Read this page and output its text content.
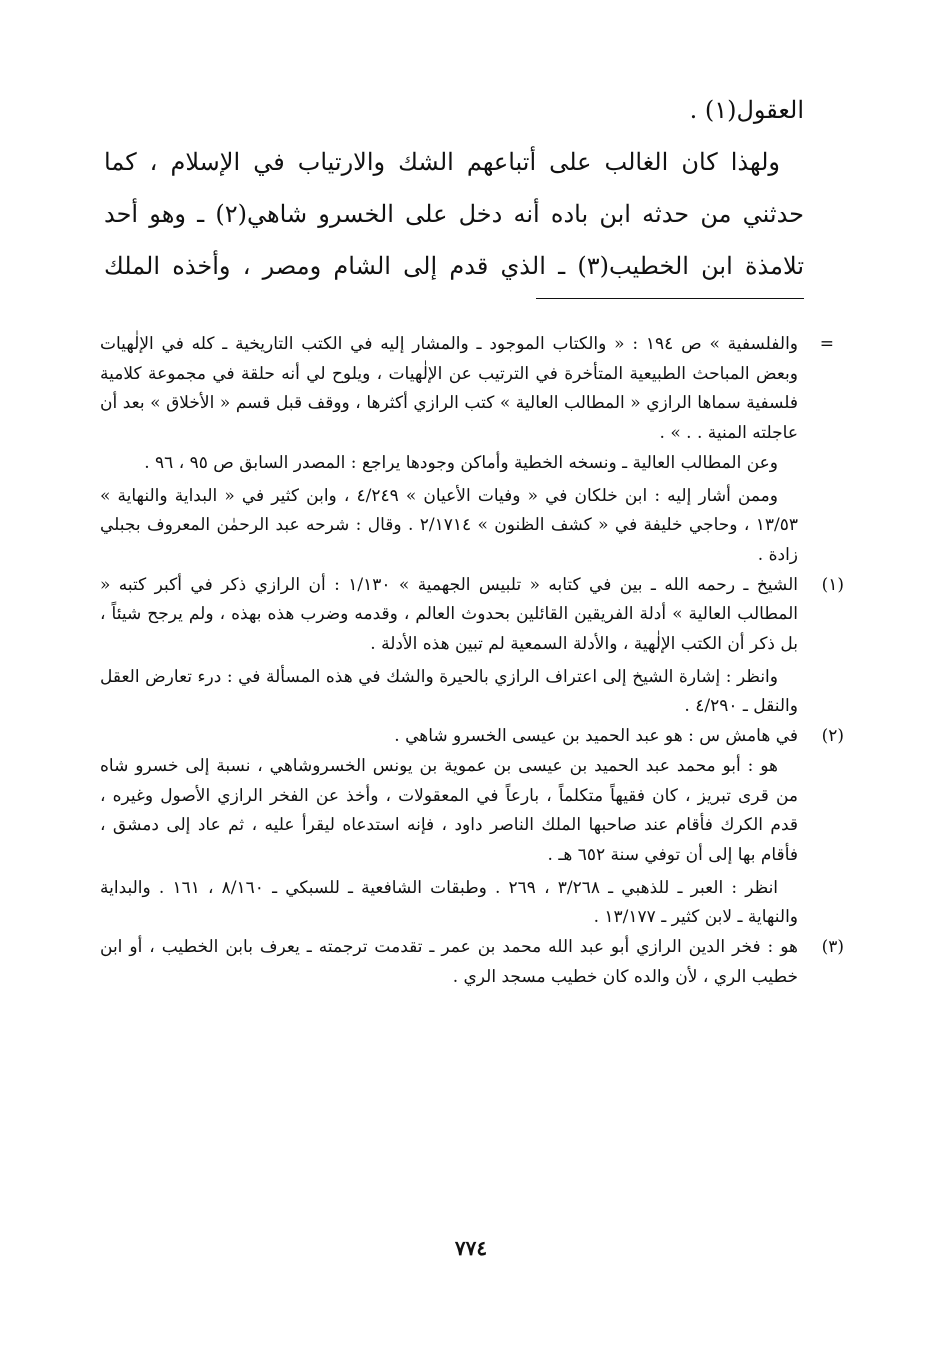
العقول(١) .

ولهذا كان الغالب على أتباعهم الشك والارتياب في الإسلام ، كما حدثني من حدثه ابن باده أنه دخل على الخسرو شاهي(٢) ـ وهو أحد تلامذة ابن الخطيب(٣) ـ الذي قدم إلى الشام ومصر ، وأخذه الملك

=

والفلسفية » ص ١٩٤ : « والكتاب الموجود ـ والمشار إليه في الكتب التاريخية ـ كله في الإلٰهيات وبعض المباحث الطبيعية المتأخرة في الترتيب عن الإلٰهيات ، ويلوح لي أنه حلقة في مجموعة كلامية فلسفية سماها الرازي « المطالب العالية » كتب الرازي أكثرها ، ووقف قبل قسم « الأخلاق » بعد أن عاجلته المنية . . » .

وعن المطالب العالية ـ ونسخه الخطية وأماكن وجودها يراجع : المصدر السابق ص ٩٥ ، ٩٦ .

وممن أشار إليه : ابن خلكان في « وفيات الأعيان » ٤/٢٤٩ ، وابن كثير في « البداية والنهاية » ١٣/٥٣ ، وحاجي خليفة في « كشف الظنون » ٢/١٧١٤ . وقال : شرحه عبد الرحمٰن المعروف بجبلي زادة .

(١)

الشيخ ـ رحمه الله ـ بين في كتابه « تلبيس الجهمية » ١/١٣٠ : أن الرازي ذكر في أكبر كتبه « المطالب العالية » أدلة الفريقين القائلين بحدوث العالم ، وقدمه وضرب هذه بهذه ، ولم يرجح شيئاً ، بل ذكر أن الكتب الإلٰهية ، والأدلة السمعية لم تبين هذه الأدلة .

وانظر : إشارة الشيخ إلى اعتراف الرازي بالحيرة والشك في هذه المسألة في : درء تعارض العقل والنقل ـ ٤/٢٩٠ .

(٢)

في هامش س : هو عبد الحميد بن عيسى الخسرو شاهي .

هو : أبو محمد عبد الحميد بن عيسى بن عموية بن يونس الخسروشاهي ، نسبة إلى خسرو شاه من قرى تبريز ، كان فقيهاً متكلماً ، بارعاً في المعقولات ، وأخذ عن الفخر الرازي الأصول وغيره ، قدم الكرك فأقام عند صاحبها الملك الناصر داود ، فإنه استدعاه ليقرأ عليه ، ثم عاد إلى دمشق ، فأقام بها إلى أن توفي سنة ٦٥٢ هـ .

انظر : العبر ـ للذهبي ـ ٣/٢٦٨ ، ٢٦٩ . وطبقات الشافعية ـ للسبكي ـ ٨/١٦٠ ، ١٦١ . والبداية والنهاية ـ لابن كثير ـ ١٣/١٧٧ .

(٣)

هو : فخر الدين الرازي أبو عبد الله محمد بن عمر ـ تقدمت ترجمته ـ يعرف بابن الخطيب ، أو ابن خطيب الري ، لأن والده كان خطيب مسجد الري .

٧٧٤
